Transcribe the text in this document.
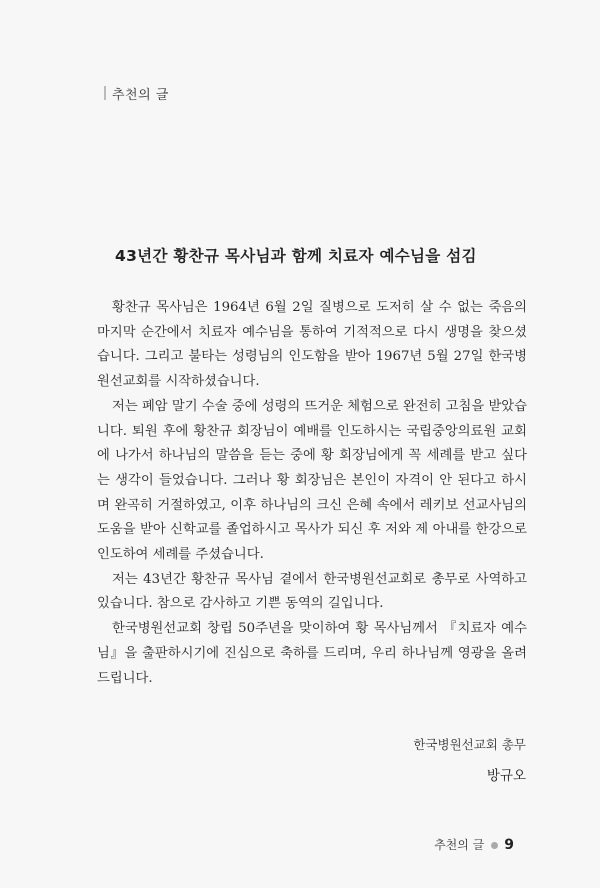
추천의 글
43년간 황찬규 목사님과 함께 치료자 예수님을 섬김

황찬규 목사님은 1964년 6월 2일 질병으로 도저히 살 수 없는 죽음의 마지막 순간에서 치료자 예수님을 통하여 기적적으로 다시 생명을 찾으셨습니다. 그리고 불타는 성령님의 인도함을 받아 1967년 5월 27일 한국병원선교회를 시작하셨습니다.

저는 폐암 말기 수술 중에 성령의 뜨거운 체험으로 완전히 고침을 받았습니다. 퇴원 후에 황찬규 회장님이 예배를 인도하시는 국립중앙의료원 교회에 나가서 하나님의 말씀을 듣는 중에 황 회장님에게 꼭 세례를 받고 싶다는 생각이 들었습니다. 그러나 황 회장님은 본인이 자격이 안 된다고 하시며 완곡히 거절하였고, 이후 하나님의 크신 은혜 속에서 레키보 선교사님의 도움을 받아 신학교를 졸업하시고 목사가 되신 후 저와 제 아내를 한강으로 인도하여 세례를 주셨습니다.

저는 43년간 황찬규 목사님 곁에서 한국병원선교회로 총무로 사역하고 있습니다. 참으로 감사하고 기쁜 동역의 길입니다.

한국병원선교회 창립 50주년을 맞이하여 황 목사님께서 『치료자 예수님』을 출판하시기에 진심으로 축하를 드리며, 우리 하나님께 영광을 올려 드립니다.

한국병원선교회 총무
방규오
추천의 글 9
